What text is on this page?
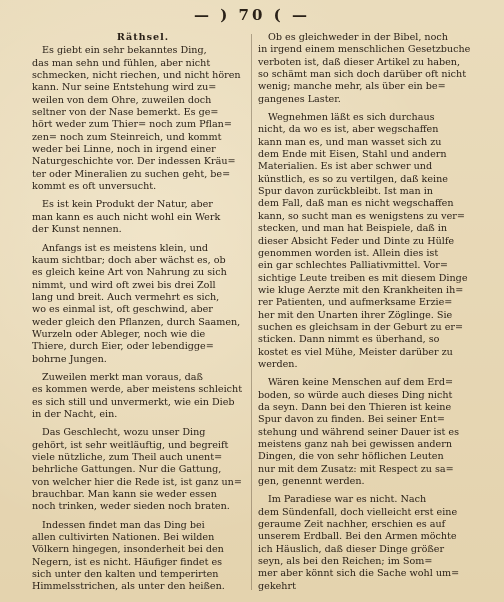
— ) 70 ( —
Räthsel.
Es giebt ein sehr bekanntes Ding,
das man sehn und fühlen, aber nicht
schmecken, nicht riechen, und nicht hören
kann. Nur seine Entstehung wird zu=
weilen von dem Ohre, zuweilen doch
seltner von der Nase bemerkt. Es ge=
hört weder zum Thier= noch zum Pflan=
zen= noch zum Steinreich, und kommt
weder bei Linne, noch in irgend einer
Naturgeschichte vor. Der indessen Kräu=
ter oder Mineralien zu suchen geht, be=
kommt es oft unversucht.
Es ist kein Produkt der Natur, aber
man kann es auch nicht wohl ein Werk
der Kunst nennen.
Anfangs ist es meistens klein, und
kaum sichtbar; doch aber wächst es, ob
es gleich keine Art von Nahrung zu sich
nimmt, und wird oft zwei bis drei Zoll
lang und breit. Auch vermehrt es sich,
wo es einmal ist, oft geschwind, aber
weder gleich den Pflanzen, durch Saamen,
Wurzeln oder Ableger, noch wie die
Thiere, durch Eier, oder lebendigge=
bohrne Jungen.
Zuweilen merkt man voraus, daß
es kommen werde, aber meistens schleicht
es sich still und unvermerkt, wie ein Dieb
in der Nacht, ein.
Das Geschlecht, wozu unser Ding
gehört, ist sehr weitläuftig, und begreift
viele nützliche, zum Theil auch unent=
behrliche Gattungen. Nur die Gattung,
von welcher hier die Rede ist, ist ganz un=
brauchbar. Man kann sie weder essen
noch trinken, weder sieden noch braten.
Indessen findet man das Ding bei
allen cultivirten Nationen. Bei wilden
Völkern hingegen, insonderheit bei den
Negern, ist es nicht. Häufiger findet es
sich unter den kalten und temperirten
Himmelsstrichen, als unter den heißen.
Ob es gleichweder in der Bibel, noch
in irgend einem menschlichen Gesetzbuche
verboten ist, daß dieser Artikel zu haben,
so schämt man sich doch darüber oft nicht
wenig; manche mehr, als über ein be=
gangenes Laster.
Wegnehmen läßt es sich durchaus
nicht, da wo es ist, aber wegschaffen
kann man es, und man wasset sich zu
dem Ende mit Eisen, Stahl und andern
Materialien. Es ist aber schwer und
künstlich, es so zu vertilgen, daß keine
Spur davon zurückbleibt. Ist man in
dem Fall, daß man es nicht wegschaffen
kann, so sucht man es wenigstens zu ver=
stecken, und man hat Beispiele, daß in
dieser Absicht Feder und Dinte zu Hülfe
genommen worden ist. Allein dies ist
ein gar schlechtes Palliativmittel. Vor=
sichtige Leute treiben es mit diesem Dinge
wie kluge Aerzte mit den Krankheiten ih=
rer Patienten, und aufmerksame Erzie=
her mit den Unarten ihrer Zöglinge. Sie
suchen es gleichsam in der Geburt zu er=
sticken. Dann nimmt es überhand, so
kostet es viel Mühe, Meister darüber zu
werden.
Wären keine Menschen auf dem Erd=
boden, so würde auch dieses Ding nicht
da seyn. Dann bei den Thieren ist keine
Spur davon zu finden. Bei seiner Ent=
stehung und während seiner Dauer ist es
meistens ganz nah bei gewissen andern
Dingen, die von sehr höflichen Leuten
nur mit dem Zusatz: mit Respect zu sa=
gen, genennt werden.
Im Paradiese war es nicht. Nach
dem Sündenfall, doch vielleicht erst eine
geraume Zeit nachher, erschien es auf
unserem Erdball. Bei den Armen möchte
ich Häuslich, daß dieser Dinge größer
seyn, als bei den Reichen; im Som=
mer aber könnt sich die Sache wohl um=
gekehrt
